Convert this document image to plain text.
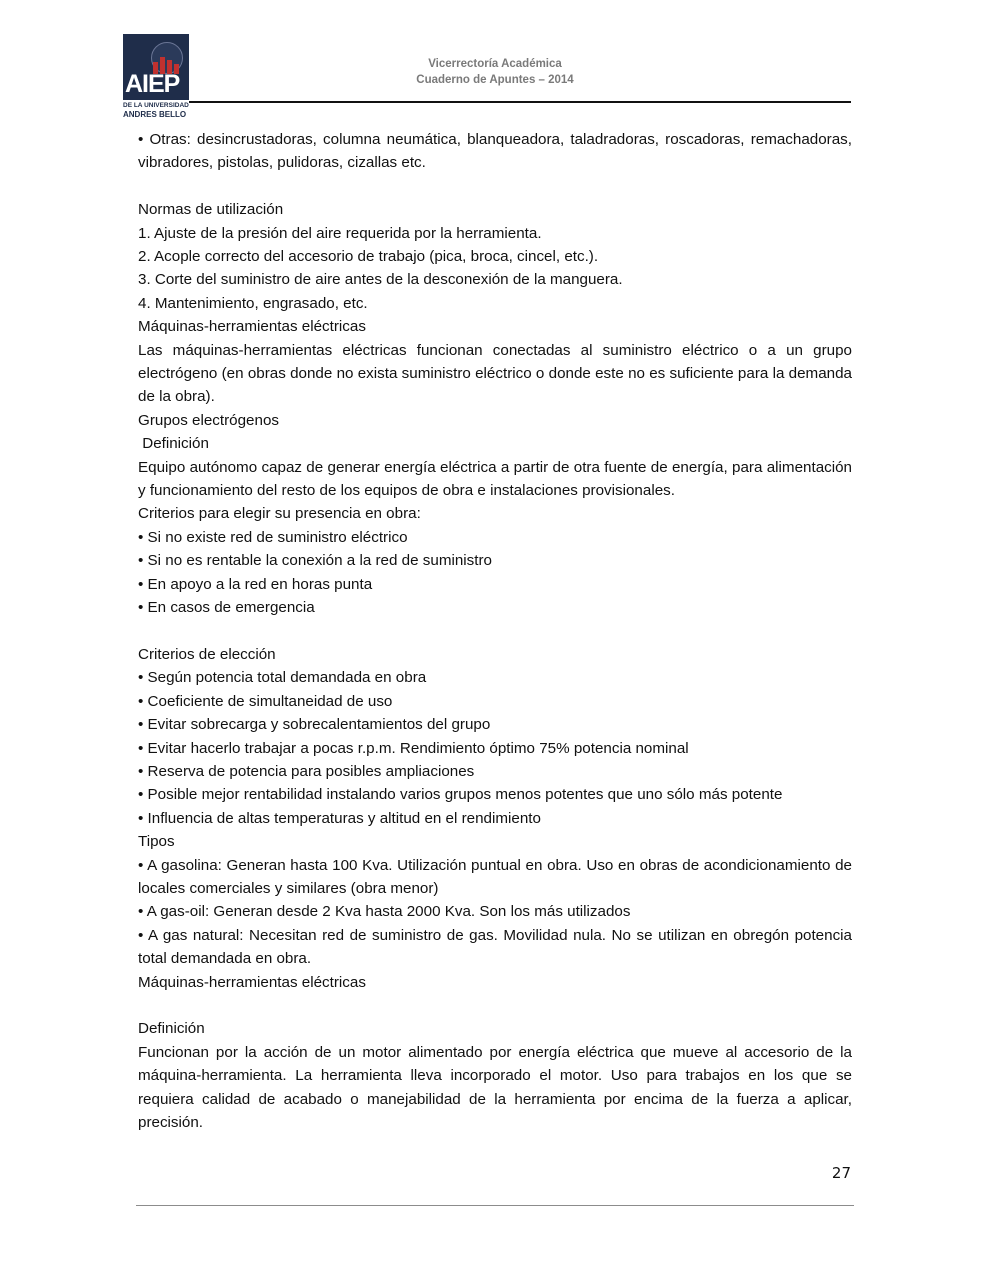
AIEP
DE LA UNIVERSIDAD
ANDRES BELLO
Vicerrectoría Académica
Cuaderno de Apuntes – 2014

• Otras: desincrustadoras, columna neumática, blanqueadora, taladradoras, roscadoras, remachadoras, vibradores, pistolas, pulidoras, cizallas etc.

Normas de utilización

1. Ajuste de la presión del aire requerida por la herramienta.

2. Acople correcto del accesorio de trabajo (pica, broca, cincel, etc.).

3. Corte del suministro de aire antes de la desconexión de la manguera.

4. Mantenimiento, engrasado, etc.

Máquinas-herramientas eléctricas

Las máquinas-herramientas eléctricas funcionan conectadas al suministro eléctrico o a un grupo electrógeno (en obras donde no exista suministro eléctrico o donde este no es suficiente para la demanda de la obra).

Grupos electrógenos

Definición

Equipo autónomo capaz de generar energía eléctrica a partir de otra fuente de energía, para alimentación y funcionamiento del resto de los equipos de obra e instalaciones provisionales.

Criterios para elegir su presencia en obra:

• Si no existe red de suministro eléctrico

• Si no es rentable la conexión a la red de suministro

• En apoyo a la red en horas punta

• En casos de emergencia

Criterios de elección

• Según potencia total demandada en obra

• Coeficiente de simultaneidad de uso

• Evitar sobrecarga y sobrecalentamientos del grupo

• Evitar hacerlo trabajar a pocas r.p.m. Rendimiento óptimo 75% potencia nominal

• Reserva de potencia para posibles ampliaciones

• Posible mejor rentabilidad instalando varios grupos menos potentes que uno sólo más potente

• Influencia de altas temperaturas y altitud en el rendimiento

Tipos

• A gasolina: Generan hasta 100 Kva. Utilización puntual en obra. Uso en obras de acondicionamiento de locales comerciales y similares (obra menor)

• A gas-oil: Generan desde 2 Kva hasta 2000 Kva. Son los más utilizados

• A gas natural: Necesitan red de suministro de gas. Movilidad nula. No se utilizan en obregón potencia total demandada en obra.

Máquinas-herramientas eléctricas

Definición

Funcionan por la acción de un motor alimentado por energía eléctrica que mueve al accesorio de la máquina-herramienta. La herramienta lleva incorporado el motor. Uso para trabajos en los que se requiera calidad de acabado o manejabilidad de la herramienta por encima de la fuerza a aplicar, precisión.

27
